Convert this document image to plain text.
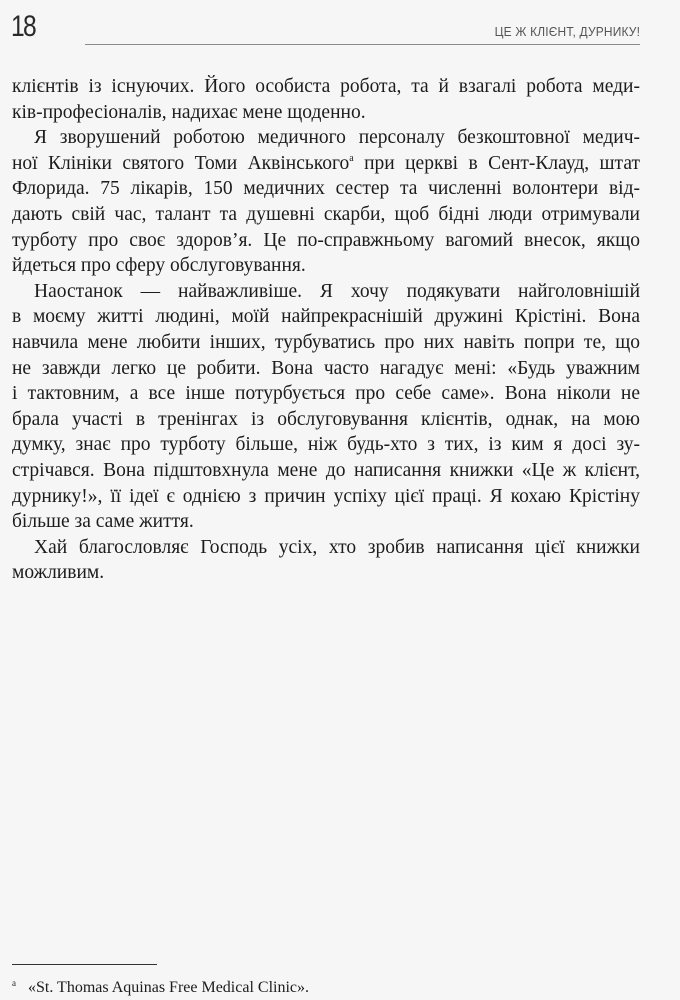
18	ЦЕ Ж КЛІЄНТ, ДУРНИКУ!
клієнтів із існуючих. Його особиста робота, та й взагалі робота меди-
ків-професіоналів, надихає мене щоденно.
Я зворушений роботою медичного персоналу безкоштовної медич-
ної Клініки святого Томи Аквінського$^a$ при церкві в Сент-Клауд, штат
Флорида. 75 лікарів, 150 медичних сестер та численні волонтери від-
дають свій час, талант та душевні скарби, щоб бідні люди отримували
турботу про своє здоров’я. Це по-справжньому вагомий внесок, якщо
йдеться про сферу обслуговування.
Наостанок — найважливіше. Я хочу подякувати найголовнішій
в моєму житті людині, моїй найпрекраснішій дружині Крістіні. Вона
навчила мене любити інших, турбуватись про них навіть попри те, що
не завжди легко це робити. Вона часто нагадує мені: «Будь уважним
і тактовним, а все інше потурбується про себе саме». Вона ніколи не
брала участі в тренінгах із обслуговування клієнтів, однак, на мою
думку, знає про турботу більше, ніж будь-хто з тих, із ким я досі зу-
стрічався. Вона підштовхнула мене до написання книжки «Це ж клієнт,
дурнику!», її ідеї є однією з причин успіху цієї праці. Я кохаю Крістіну
більше за саме життя.
Хай благословляє Господь усіх, хто зробив написання цієї книжки
можливим.
$^a$ «St. Thomas Aquinas Free Medical Clinic».
